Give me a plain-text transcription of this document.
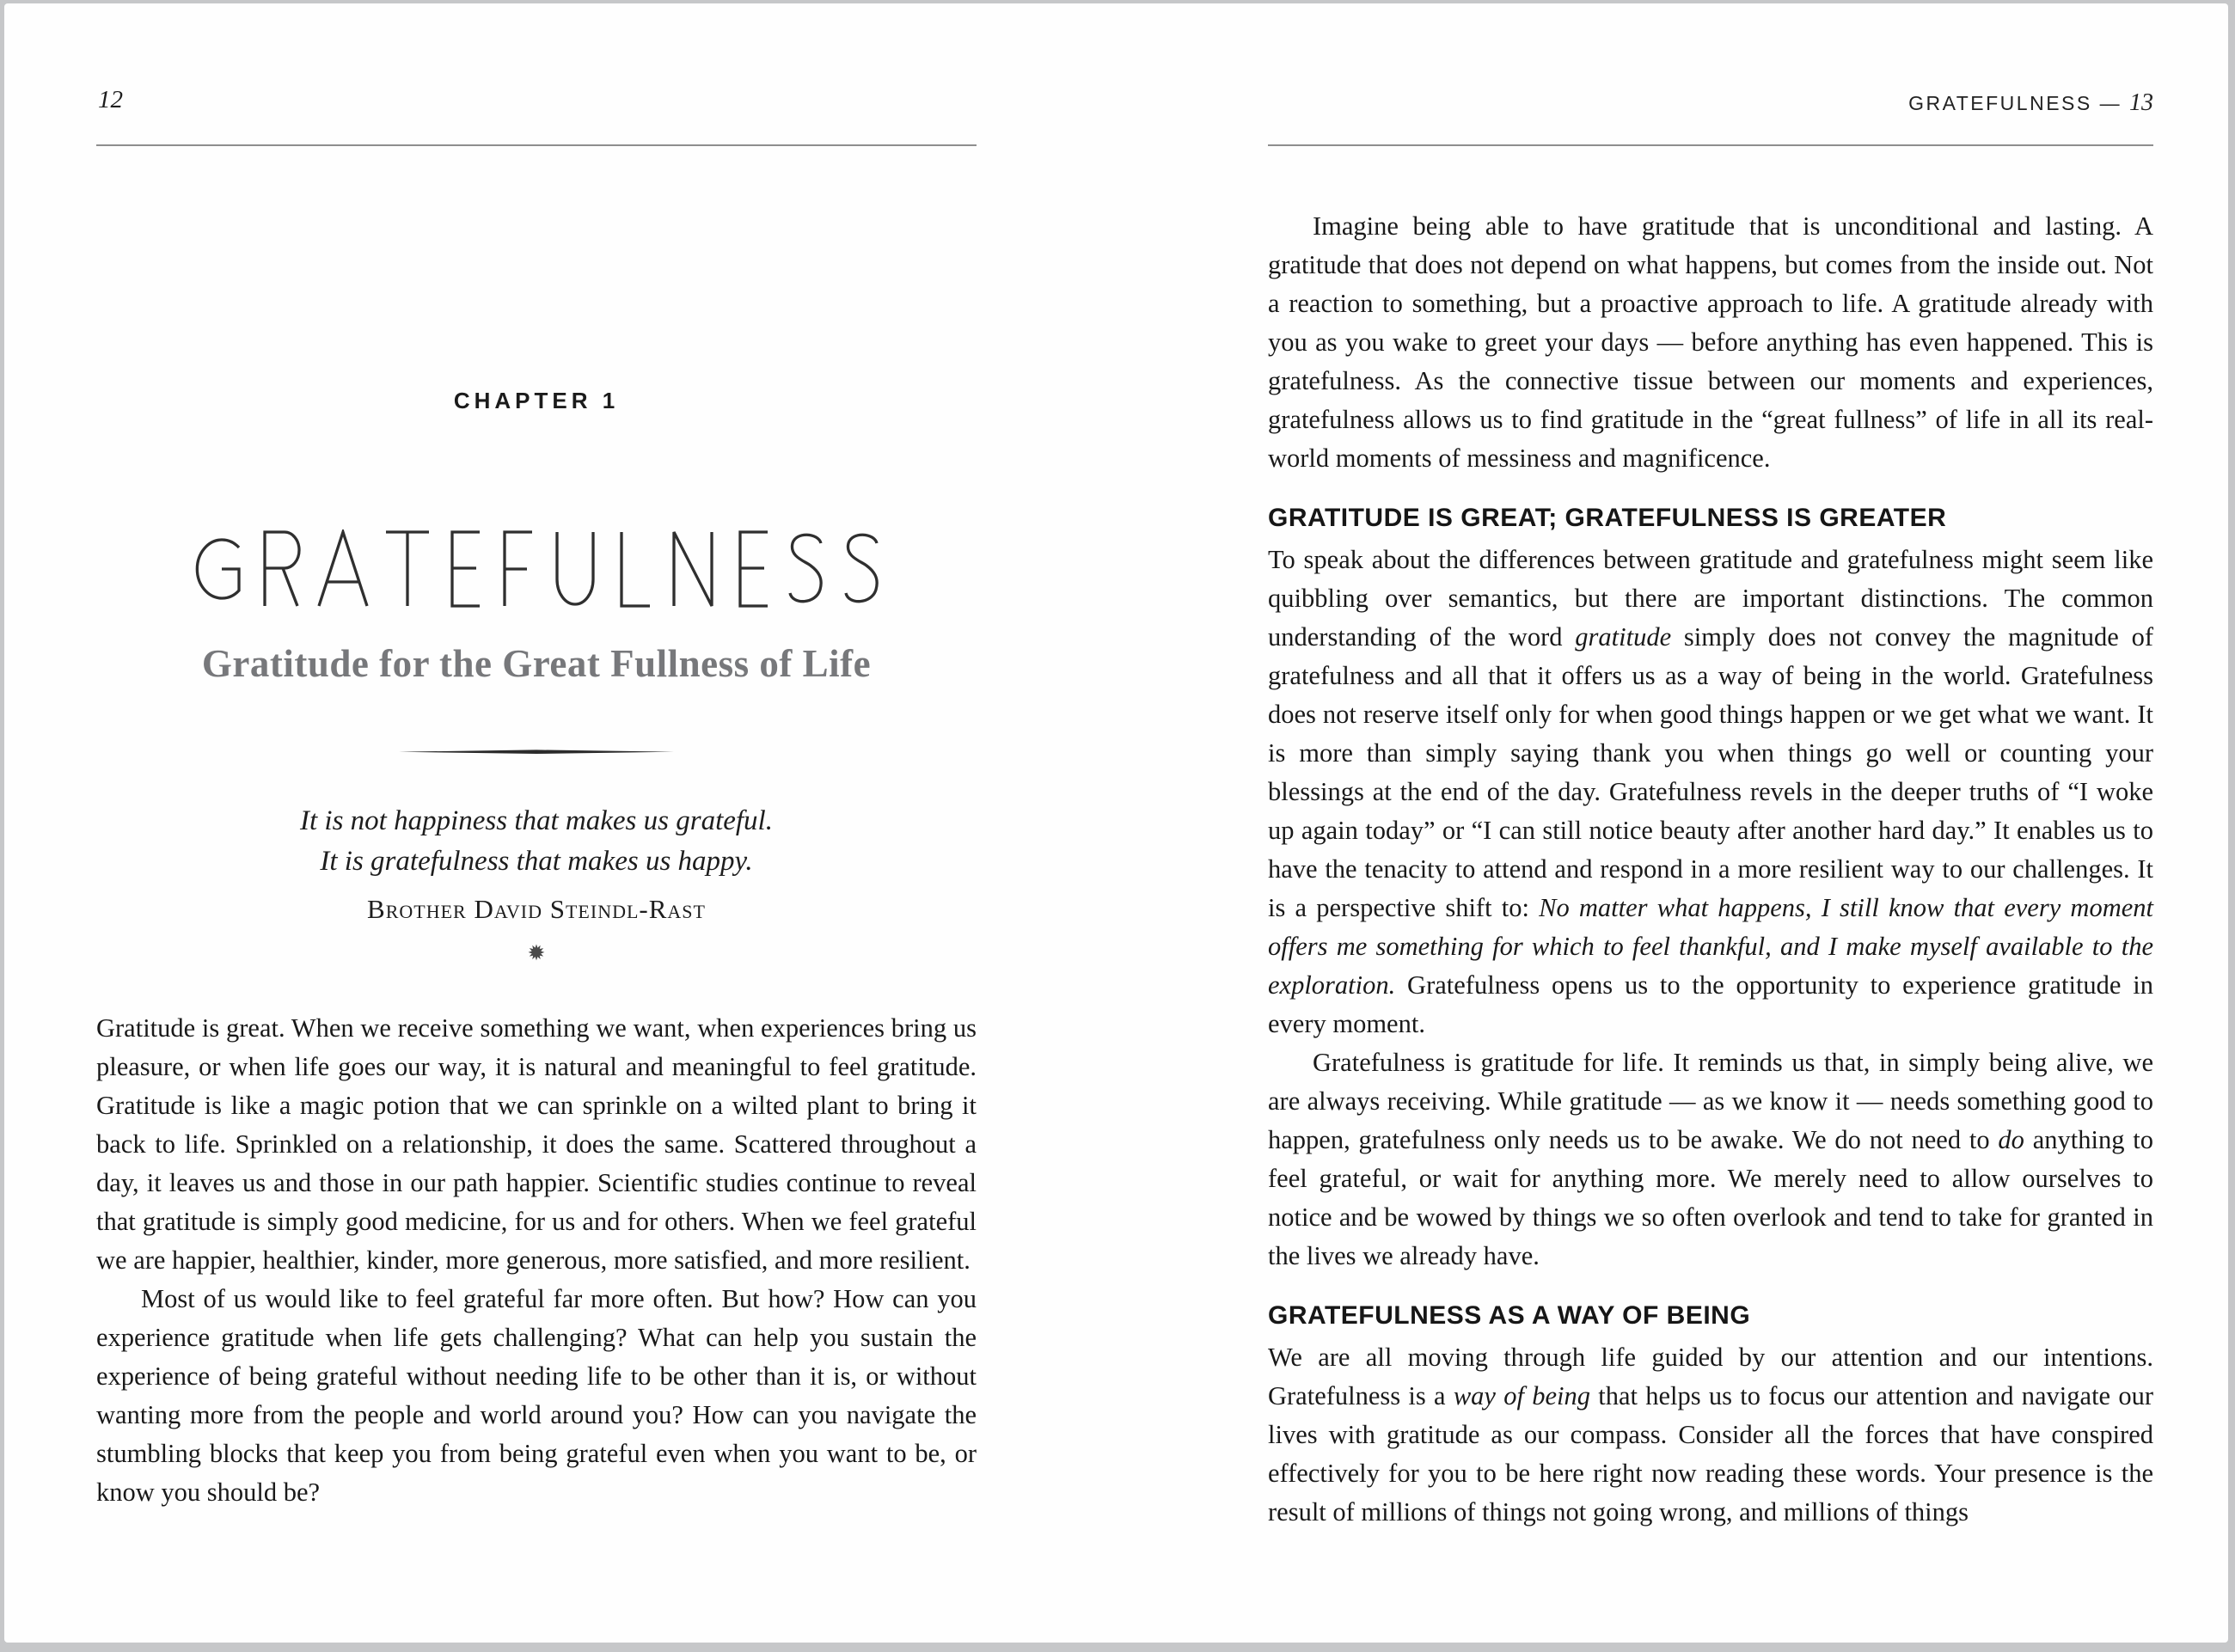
12
CHAPTER 1
Gratitude for the Great Fullness of Life
It is not happiness that makes us grateful.
It is gratefulness that makes us happy.
Brother David Steindl-Rast
✹

Gratitude is great. When we receive something we want, when experiences bring us pleasure, or when life goes our way, it is natural and meaningful to feel gratitude. Gratitude is like a magic potion that we can sprinkle on a wilted plant to bring it back to life. Sprinkled on a relationship, it does the same. Scattered throughout a day, it leaves us and those in our path happier. Scientific studies continue to reveal that gratitude is simply good medicine, for us and for others. When we feel grateful we are happier, healthier, kinder, more generous, more satisfied, and more resilient.

Most of us would like to feel grateful far more often. But how? How can you experience gratitude when life gets challenging? What can help you sustain the experience of being grateful without needing life to be other than it is, or without wanting more from the people and world around you? How can you navigate the stumbling blocks that keep you from being grateful even when you want to be, or know you should be?

GRATEFULNESS — 13

Imagine being able to have gratitude that is unconditional and lasting. A gratitude that does not depend on what happens, but comes from the inside out. Not a reaction to something, but a proactive approach to life. A gratitude already with you as you wake to greet your days — before anything has even happened. This is gratefulness. As the connective tissue between our moments and experiences, gratefulness allows us to find gratitude in the “great fullness” of life in all its real-world moments of messiness and magnificence.

GRATITUDE IS GREAT; GRATEFULNESS IS GREATER

To speak about the differences between gratitude and gratefulness might seem like quibbling over semantics, but there are important distinctions. The common understanding of the word gratitude simply does not convey the magnitude of gratefulness and all that it offers us as a way of being in the world. Gratefulness does not reserve itself only for when good things happen or we get what we want. It is more than simply saying thank you when things go well or counting your blessings at the end of the day. Gratefulness revels in the deeper truths of “I woke up again today” or “I can still notice beauty after another hard day.” It enables us to have the tenacity to attend and respond in a more resilient way to our challenges. It is a perspective shift to: No matter what happens, I still know that every moment offers me something for which to feel thankful, and I make myself available to the exploration. Gratefulness opens us to the opportunity to experience gratitude in every moment.

Gratefulness is gratitude for life. It reminds us that, in simply being alive, we are always receiving. While gratitude — as we know it — needs something good to happen, gratefulness only needs us to be awake. We do not need to do anything to feel grateful, or wait for anything more. We merely need to allow ourselves to notice and be wowed by things we so often overlook and tend to take for granted in the lives we already have.

GRATEFULNESS AS A WAY OF BEING

We are all moving through life guided by our attention and our intentions. Gratefulness is a way of being that helps us to focus our attention and navigate our lives with gratitude as our compass. Consider all the forces that have conspired effectively for you to be here right now reading these words. Your presence is the result of millions of things not going wrong, and millions of things
